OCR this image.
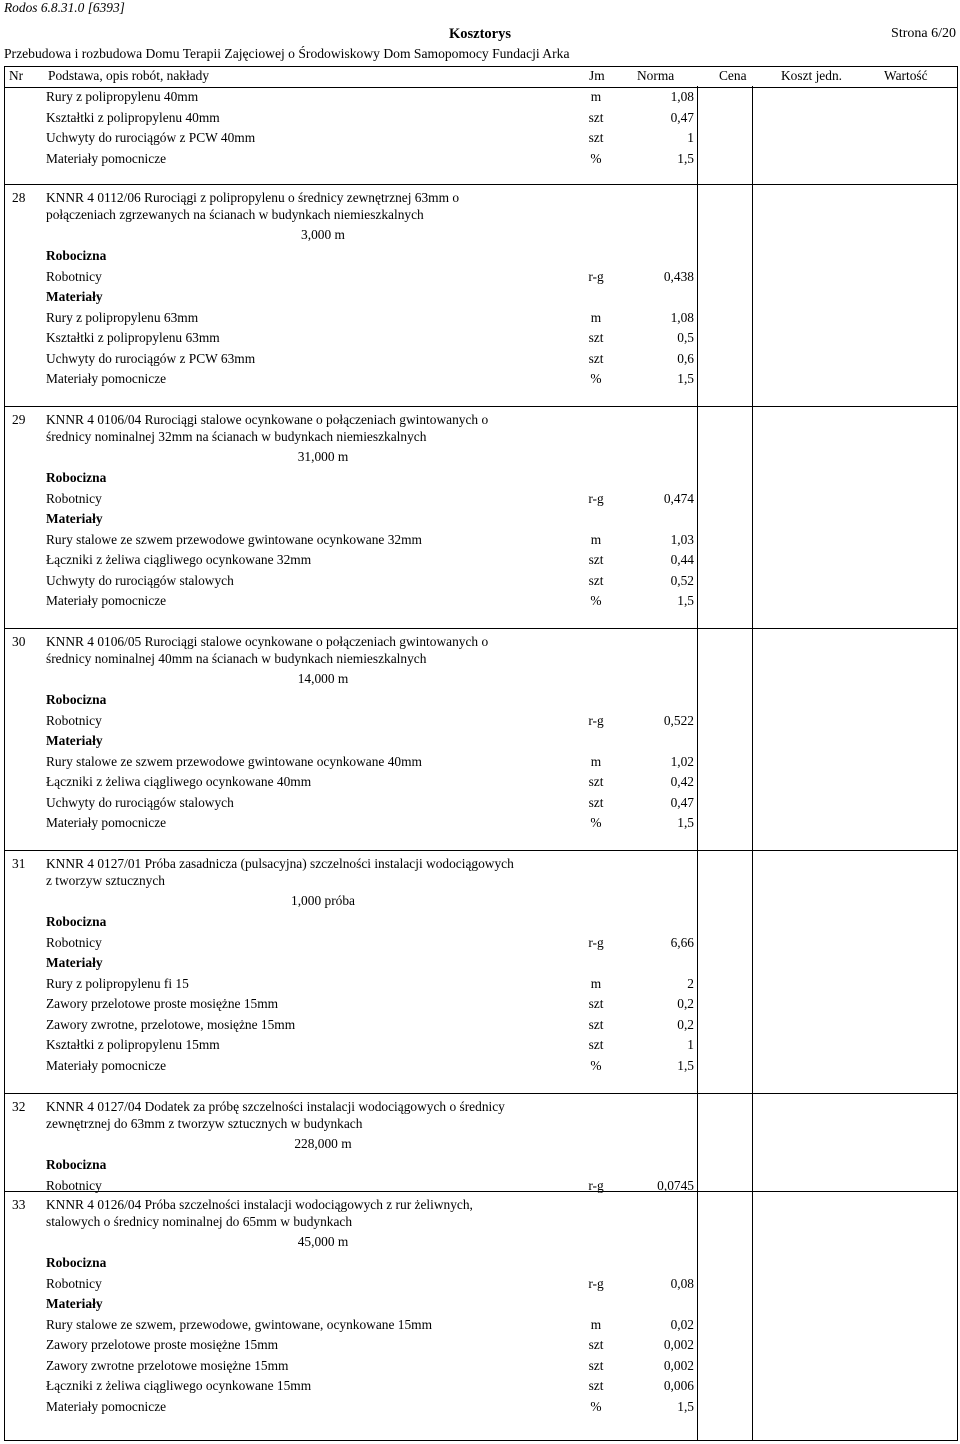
Rodos 6.8.31.0 [6393]
Kosztorys	Strona 6/20
Przebudowa i rozbudowa Domu Terapii Zajęciowej o Środowiskowy Dom Samopomocy Fundacji Arka
Nr Podstawa, opis robót, nakłady	Jm Norma	Cena	Koszt jedn.	Wartość
Rury z polipropylenu 40mm	m	1,08
Kształtki z polipropylenu 40mm	szt	0,47
Uchwyty do rurociągów z PCW 40mm	szt	1
Materiały pomocnicze	%	1,5
28 KNNR 4 0112/06 Rurociągi z polipropylenu o średnicy zewnętrznej 63mm o
połączeniach zgrzewanych na ścianach w budynkach niemieszkalnych
3,000 m
Robocizna
Robotnicy	r-g	0,438
Materiały
Rury z polipropylenu 63mm	m	1,08
Kształtki z polipropylenu 63mm	szt	0,5
Uchwyty do rurociągów z PCW 63mm	szt	0,6
Materiały pomocnicze	%	1,5
29 KNNR 4 0106/04 Rurociągi stalowe ocynkowane o połączeniach gwintowanych o
średnicy nominalnej 32mm na ścianach w budynkach niemieszkalnych
31,000 m
Robocizna
Robotnicy	r-g	0,474
Materiały
Rury stalowe ze szwem przewodowe gwintowane ocynkowane 32mm	m	1,03
Łączniki z żeliwa ciągliwego ocynkowane 32mm	szt	0,44
Uchwyty do rurociągów stalowych	szt	0,52
Materiały pomocnicze	%	1,5
30 KNNR 4 0106/05 Rurociągi stalowe ocynkowane o połączeniach gwintowanych o
średnicy nominalnej 40mm na ścianach w budynkach niemieszkalnych
14,000 m
Robocizna
Robotnicy	r-g	0,522
Materiały
Rury stalowe ze szwem przewodowe gwintowane ocynkowane 40mm	m	1,02
Łączniki z żeliwa ciągliwego ocynkowane 40mm	szt	0,42
Uchwyty do rurociągów stalowych	szt	0,47
Materiały pomocnicze	%	1,5
31 KNNR 4 0127/01 Próba zasadnicza (pulsacyjna) szczelności instalacji wodociągowych
z tworzyw sztucznych
1,000 próba
Robocizna
Robotnicy	r-g	6,66
Materiały
Rury z polipropylenu fi 15	m	2
Zawory przelotowe proste mosiężne 15mm	szt	0,2
Zawory zwrotne, przelotowe, mosiężne 15mm	szt	0,2
Kształtki z polipropylenu 15mm	szt	1
Materiały pomocnicze	%	1,5
32 KNNR 4 0127/04 Dodatek za próbę szczelności instalacji wodociągowych o średnicy
zewnętrznej do 63mm z tworzyw sztucznych w budynkach
228,000 m
Robocizna
Robotnicy	r-g	0,0745
33 KNNR 4 0126/04 Próba szczelności instalacji wodociągowych z rur żeliwnych,
stalowych o średnicy nominalnej do 65mm w budynkach
45,000 m
Robocizna
Robotnicy	r-g	0,08
Materiały
Rury stalowe ze szwem, przewodowe, gwintowane, ocynkowane 15mm	m	0,02
Zawory przelotowe proste mosiężne 15mm	szt	0,002
Zawory zwrotne przelotowe mosiężne 15mm	szt	0,002
Łączniki z żeliwa ciągliwego ocynkowane 15mm	szt	0,006
Materiały pomocnicze	%	1,5
